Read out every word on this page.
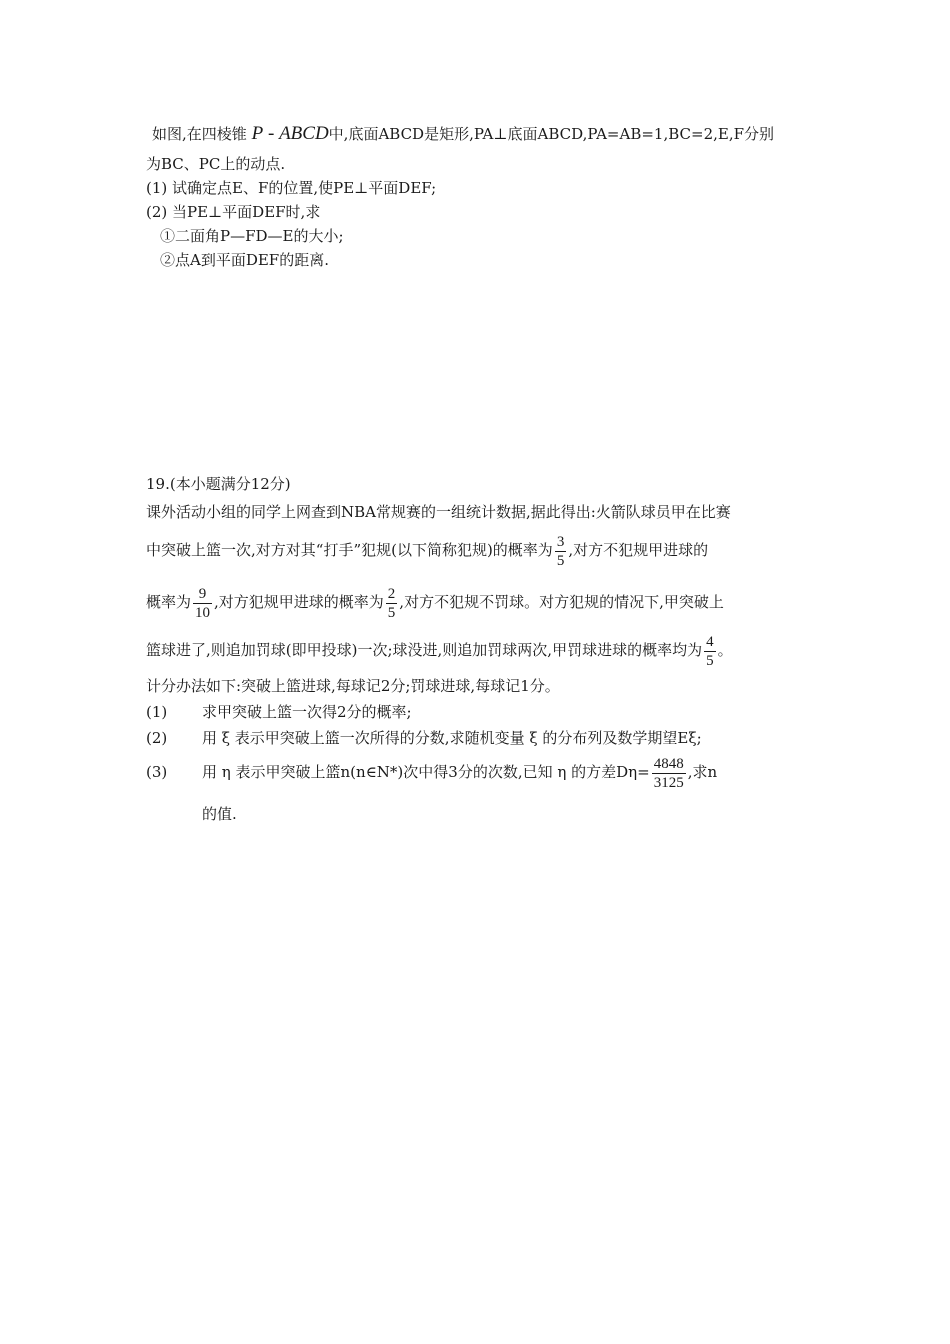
如图,在四棱锥 P - ABCD中,底面ABCD是矩形,PA⊥底面ABCD,PA=AB=1,BC=2,E,F分别
为BC、PC上的动点.
(1) 试确定点E、F的位置,使PE⊥平面DEF;
(2) 当PE⊥平面DEF时,求
①二面角P—FD—E的大小;
②点A到平面DEF的距离.
19.(本小题满分12分)
课外活动小组的同学上网查到NBA常规赛的一组统计数据,据此得出:火箭队球员甲在比赛
中突破上篮一次,对方对其“打手”犯规(以下简称犯规)的概率为 $\frac{3}{5}$ ,对方不犯规甲进球的
概率为 $\frac{9}{10}$ ,对方犯规甲进球的概率为 $\frac{2}{5}$ ,对方不犯规不罚球。对方犯规的情况下,甲突破上
篮球进了,则追加罚球(即甲投球)一次;球没进,则追加罚球两次,甲罚球进球的概率均为 $\frac{4}{5}$ 。
计分办法如下:突破上篮进球,每球记2分;罚球进球,每球记1分。
(1) 求甲突破上篮一次得2分的概率;
(2) 用 ξ 表示甲突破上篮一次所得的分数,求随机变量 ξ 的分布列及数学期望Eξ;
(3) 用 η 表示甲突破上篮n(n∈N*)次中得3分的次数,已知 η 的方差$D\eta= \frac{4848}{3125}$ ,求n
的值.
